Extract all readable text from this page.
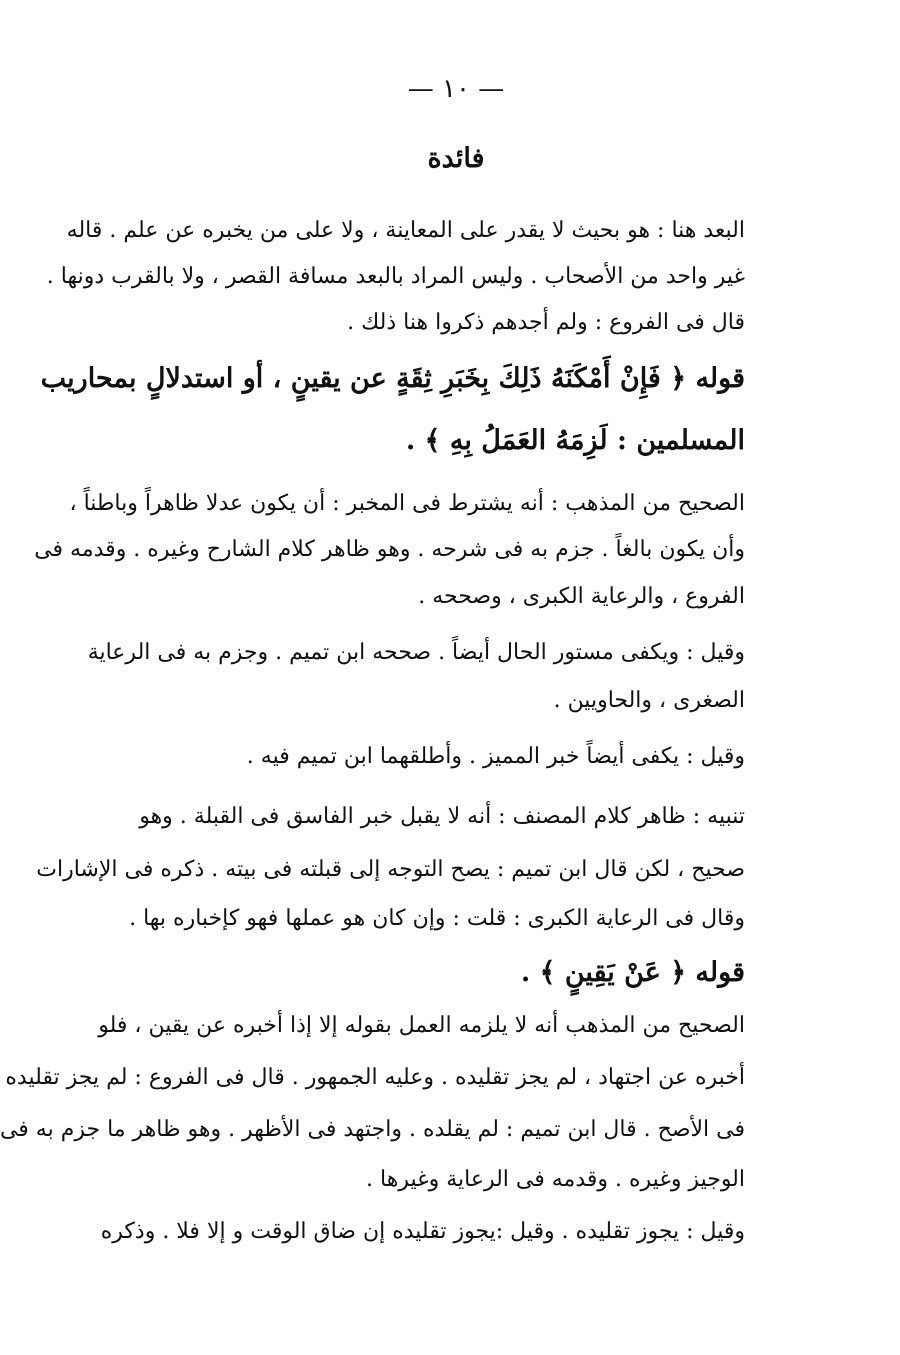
— ١٠ —
فائدة
البعد هنا : هو بحيث لا يقدر على المعاينة ، ولا على من يخبره عن علم . قاله
غير واحد من الأصحاب . وليس المراد بالبعد مسافة القصر ، ولا بالقرب دونها .
قال فى الفروع : ولم أجدهم ذكروا هنا ذلك .
قوله ﴿ فَإِنْ أَمْكَنَهُ ذَلِكَ بِخَبَرِ ثِقَةٍ عن يقينٍ ، أو استدلالٍ بمحاريب
المسلمين : لَزِمَهُ العَمَلُ بِهِ ﴾ .
الصحيح من المذهب : أنه يشترط فى المخبر : أن يكون عدلا ظاهراً وباطناً ،
وأن يكون بالغاً . جزم به فى شرحه . وهو ظاهر كلام الشارح وغيره . وقدمه فى
الفروع ، والرعاية الكبرى ، وصححه .
وقيل : ويكفى مستور الحال أيضاً . صححه ابن تميم . وجزم به فى الرعاية
الصغرى ، والحاويين .
وقيل : يكفى أيضاً خبر المميز . وأطلقهما ابن تميم فيه .
تنبيه : ظاهر كلام المصنف : أنه لا يقبل خبر الفاسق فى القبلة . وهو
صحيح ، لكن قال ابن تميم : يصح التوجه إلى قبلته فى بيته . ذكره فى الإشارات
وقال فى الرعاية الكبرى : قلت : وإن كان هو عملها فهو كإخباره بها .
قوله ﴿ عَنْ يَقِينٍ ﴾ .
الصحيح من المذهب أنه لا يلزمه العمل بقوله إلا إذا أخبره عن يقين ، فلو
أخبره عن اجتهاد ، لم يجز تقليده . وعليه الجمهور . قال فى الفروع : لم يجز تقليده
فى الأصح . قال ابن تميم : لم يقلده . واجتهد فى الأظهر . وهو ظاهر ما جزم به فى
الوجيز وغيره . وقدمه فى الرعاية وغيرها .
وقيل : يجوز تقليده . وقيل :يجوز تقليده إن ضاق الوقت و إلا فلا . وذكره
